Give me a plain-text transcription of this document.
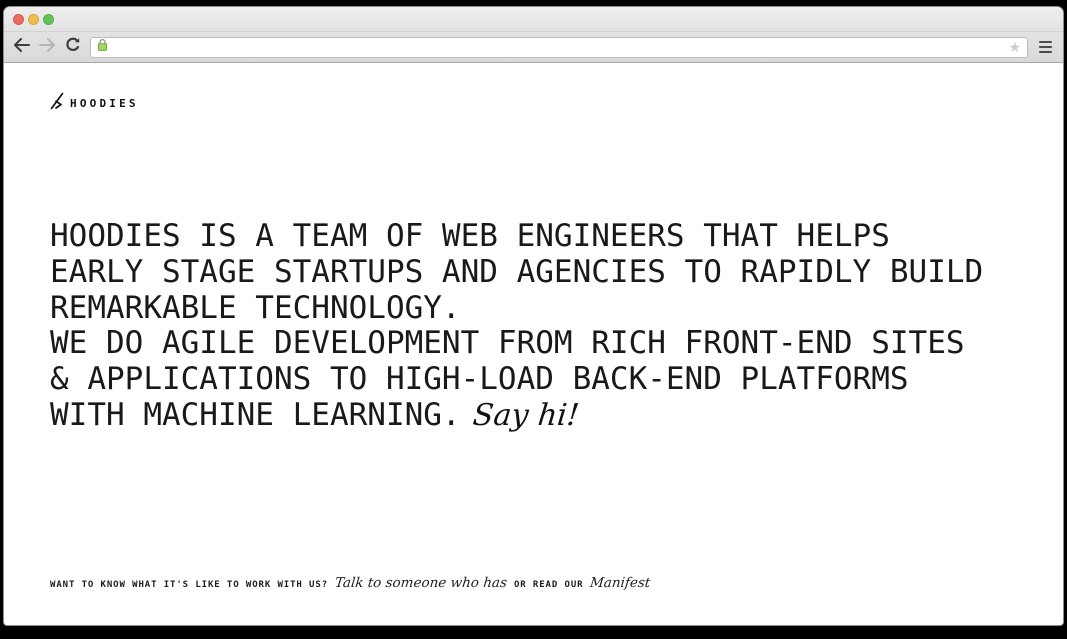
★
HOODIES
HOODIES IS A TEAM OF WEB ENGINEERS THAT HELPS
EARLY STAGE STARTUPS AND AGENCIES TO RAPIDLY BUILD
REMARKABLE TECHNOLOGY.
WE DO AGILE DEVELOPMENT FROM RICH FRONT-END SITES
& APPLICATIONS TO HIGH-LOAD BACK-END PLATFORMS
WITH MACHINE LEARNING. Say hi!
WANT TO KNOW WHAT IT'S LIKE TO WORK WITH US? Talk to someone who has OR READ OUR Manifest
